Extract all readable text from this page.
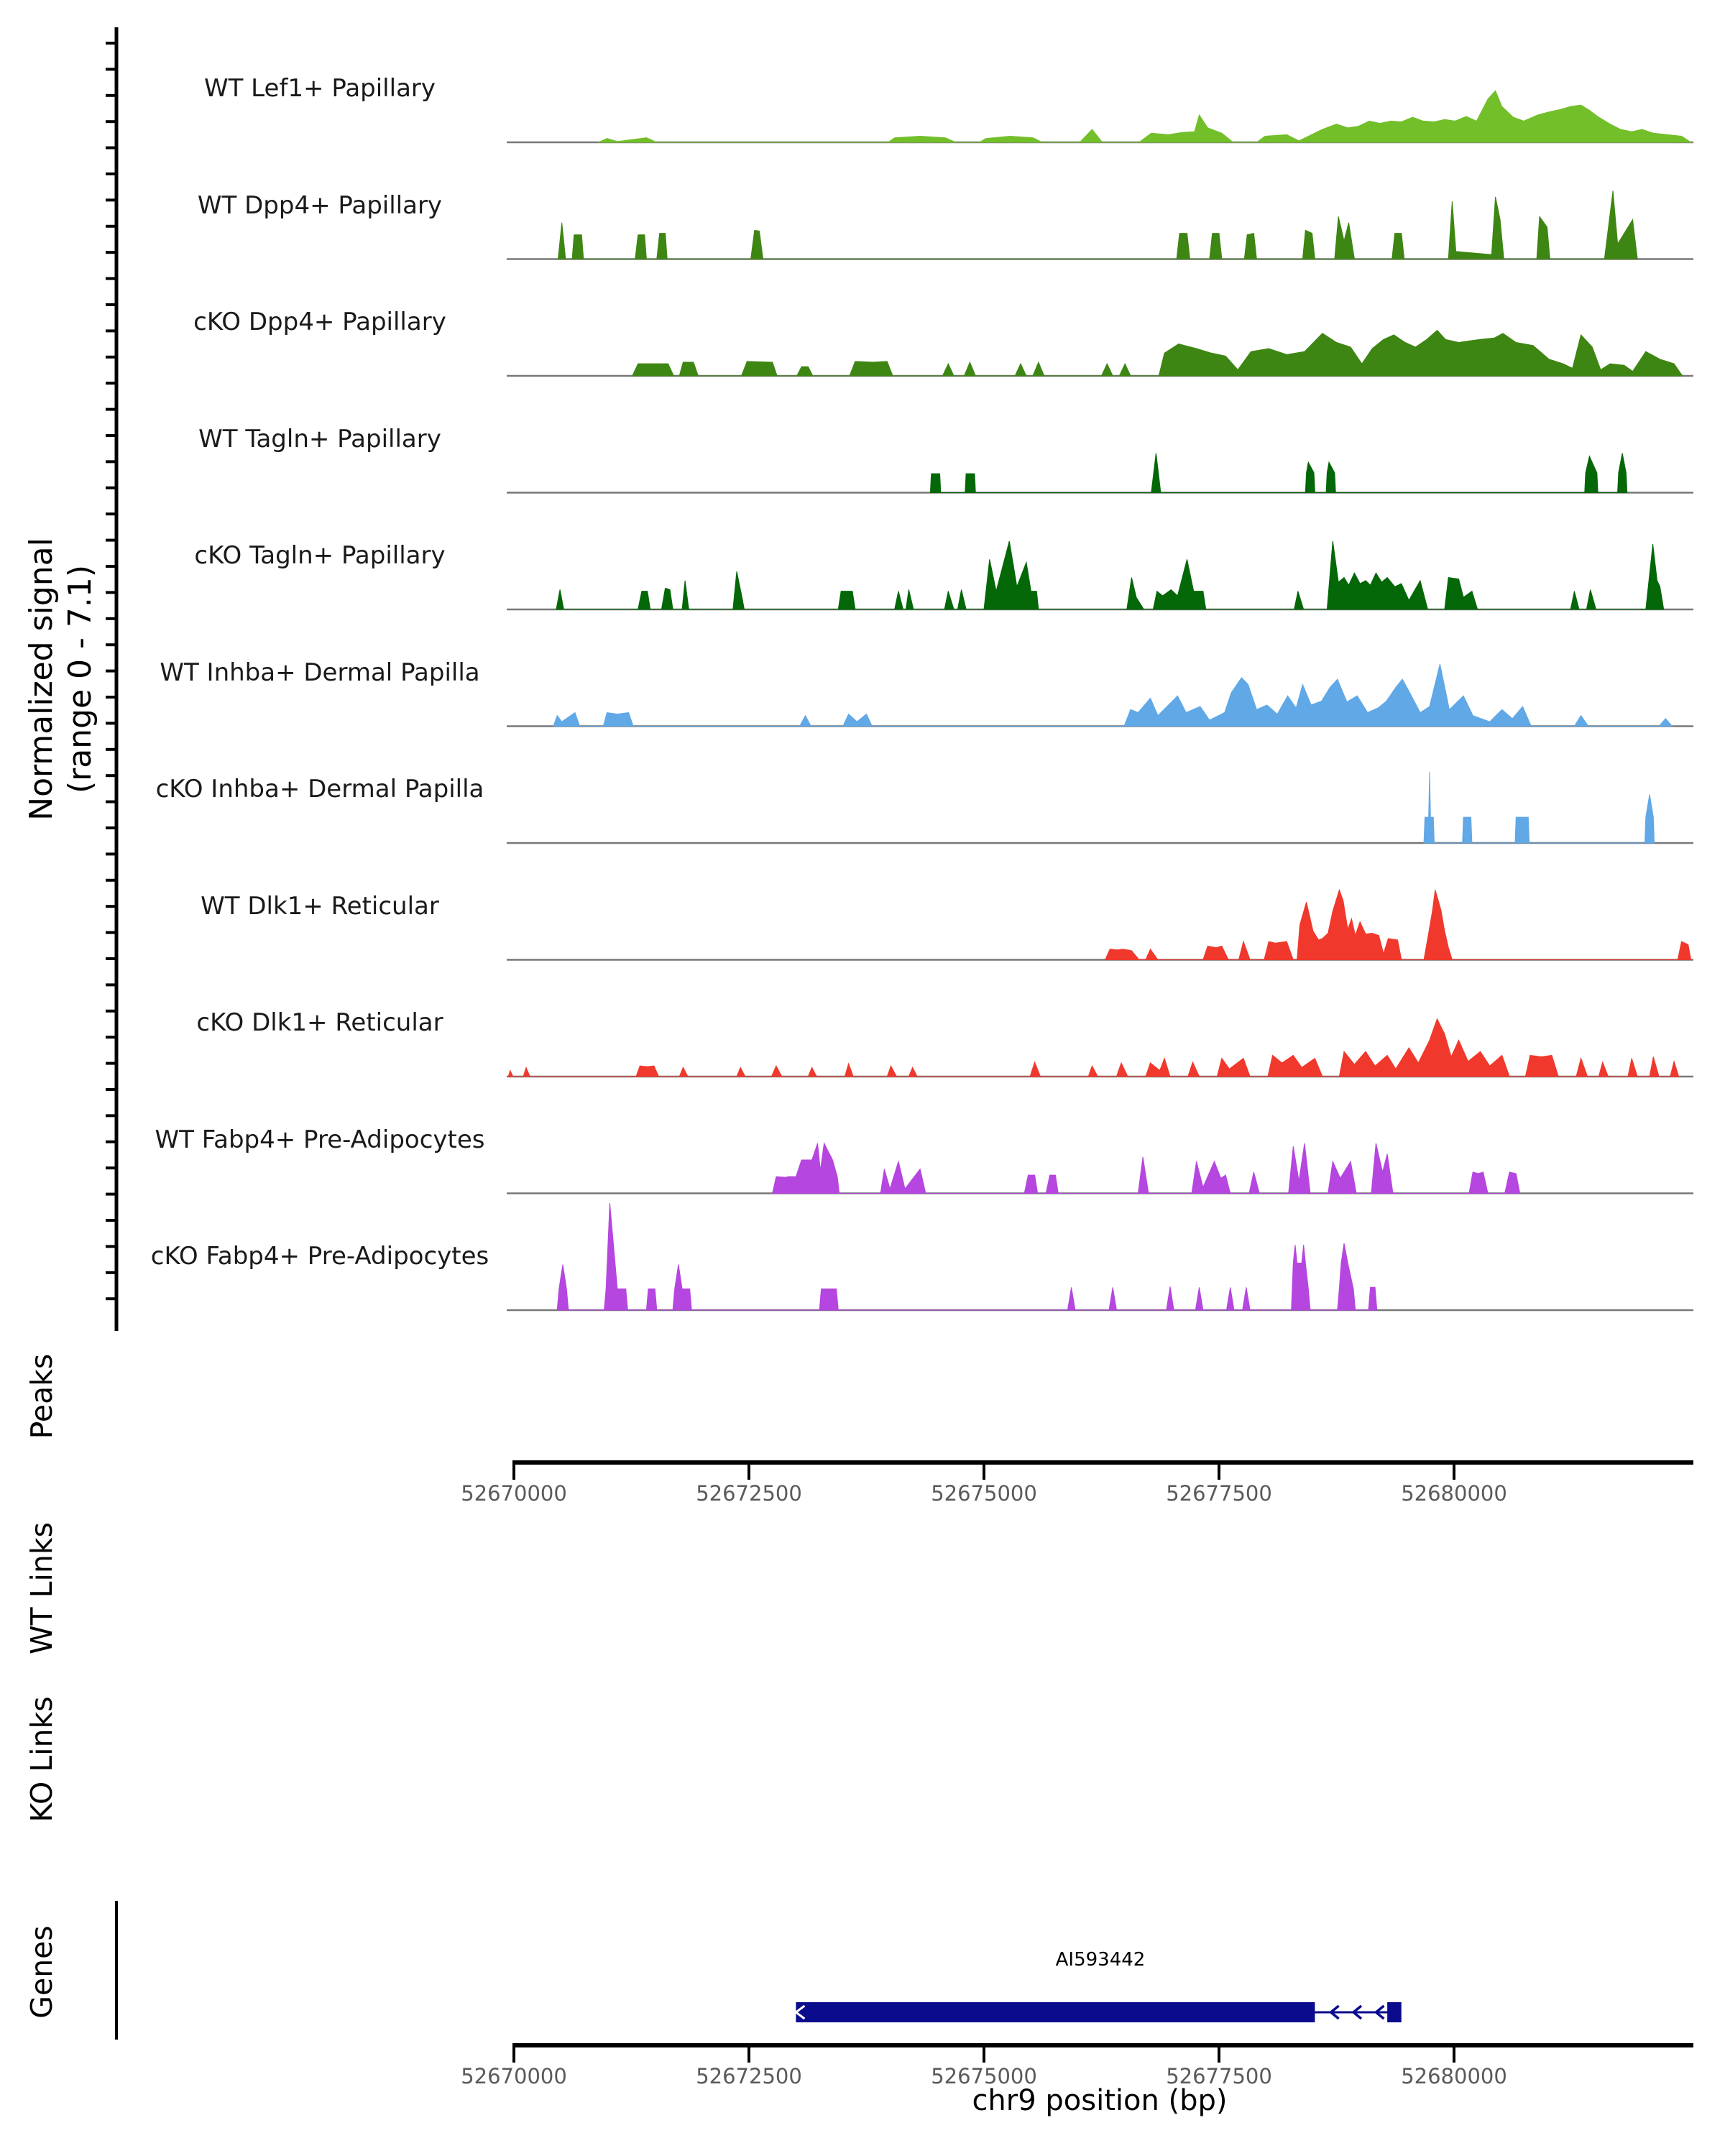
Normalized signal (range 0 - 7.1)
Peaks
WT Links
KO Links
Genes	AI593442
chr9 position (bp)
WT Lef1+ Papillary
WT Dpp4+ Papillary
cKO Dpp4+ Papillary
WT Tagln+ Papillary
cKO Tagln+ Papillary
WT Inhba+ Dermal Papilla
cKO Inhba+ Dermal Papilla
WT Dlk1+ Reticular
cKO Dlk1+ Reticular
WT Fabp4+ Pre-Adipocytes
cKO Fabp4+ Pre-Adipocytes
52670000	52672500	52675000	52677500	52680000
52670000	52672500	52675000	52677500	52680000
